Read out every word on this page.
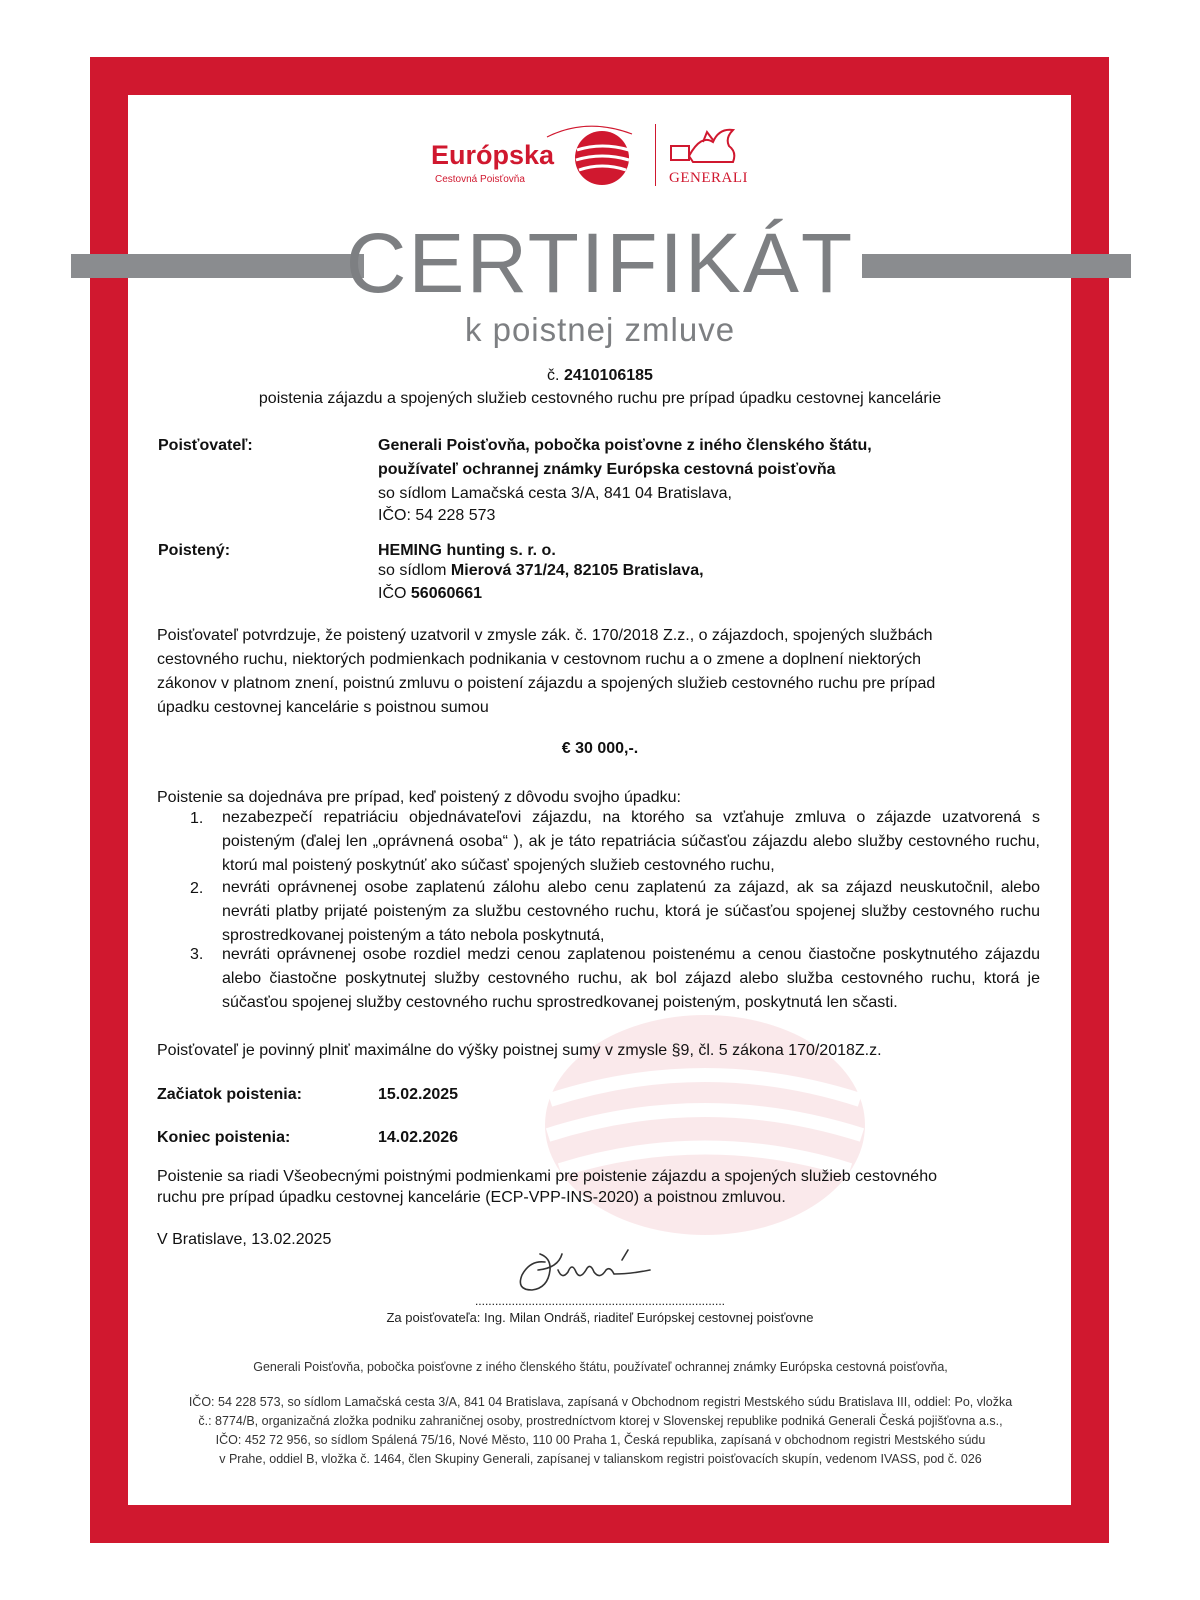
Európska
Cestovná Poisťovňa	GENERALI
CERTIFIKÁT
k poistnej zmluve
č. 2410106185
poistenia zájazdu a spojených služieb cestovného ruchu pre prípad úpadku cestovnej kancelárie
Poisťovateľ:	Generali Poisťovňa, pobočka poisťovne z iného členského štátu,
používateľ ochrannej známky Európska cestovná poisťovňa
so sídlom Lamačská cesta 3/A, 841 04 Bratislava,
IČO: 54 228 573
Poistený:	HEMING hunting s. r. o.
so sídlom Mierová 371/24, 82105 Bratislava,
IČO 56060661
Poisťovateľ potvrdzuje, že poistený uzatvoril v zmysle zák. č. 170/2018 Z.z., o zájazdoch, spojených službách
cestovného ruchu, niektorých podmienkach podnikania v cestovnom ruchu a o zmene a doplnení niektorých
zákonov v platnom znení, poistnú zmluvu o poistení zájazdu a spojených služieb cestovného ruchu pre prípad
úpadku cestovnej kancelárie s poistnou sumou
€ 30 000,-.
Poistenie sa dojednáva pre prípad, keď poistený z dôvodu svojho úpadku:
1. nezabezpečí repatriáciu objednávateľovi zájazdu, na ktorého sa vzťahuje zmluva o zájazde uzatvorená s poisteným (ďalej len „oprávnená osoba“ ), ak je táto repatriácia súčasťou zájazdu alebo služby cestovného ruchu, ktorú mal poistený poskytnúť ako súčasť spojených služieb cestovného ruchu,
2. nevráti oprávnenej osobe zaplatenú zálohu alebo cenu zaplatenú za zájazd, ak sa zájazd neuskutočnil, alebo nevráti platby prijaté poisteným za službu cestovného ruchu, ktorá je súčasťou spojenej služby cestovného ruchu sprostredkovanej poisteným a táto nebola poskytnutá,
3. nevráti oprávnenej osobe rozdiel medzi cenou zaplatenou poistenému a cenou čiastočne poskytnutého zájazdu alebo čiastočne poskytnutej služby cestovného ruchu, ak bol zájazd alebo služba cestovného ruchu, ktorá je súčasťou spojenej služby cestovného ruchu sprostredkovanej poisteným, poskytnutá len sčasti.
Poisťovateľ je povinný plniť maximálne do výšky poistnej sumy v zmysle §9, čl. 5 zákona 170/2018Z.z.
Začiatok poistenia:	15.02.2025
Koniec poistenia:	14.02.2026
Poistenie sa riadi Všeobecnými poistnými podmienkami pre poistenie zájazdu a spojených služieb cestovného
ruchu pre prípad úpadku cestovnej kancelárie (ECP-VPP-INS-2020) a poistnou zmluvou.
V Bratislave, 13.02.2025
...........................................................................
Za poisťovateľa: Ing. Milan Ondráš, riaditeľ Európskej cestovnej poisťovne
Generali Poisťovňa, pobočka poisťovne z iného členského štátu, používateľ ochrannej známky Európska cestovná poisťovňa,
IČO: 54 228 573, so sídlom Lamačská cesta 3/A, 841 04 Bratislava, zapísaná v Obchodnom registri Mestského súdu Bratislava III, oddiel: Po, vložka
č.: 8774/B, organizačná zložka podniku zahraničnej osoby, prostredníctvom ktorej v Slovenskej republike podniká Generali Česká pojišťovna a.s.,
IČO: 452 72 956, so sídlom Spálená 75/16, Nové Město, 110 00 Praha 1, Česká republika, zapísaná v obchodnom registri Mestského súdu
v Prahe, oddiel B, vložka č. 1464, člen Skupiny Generali, zapísanej v talianskom registri poisťovacích skupín, vedenom IVASS, pod č. 026
